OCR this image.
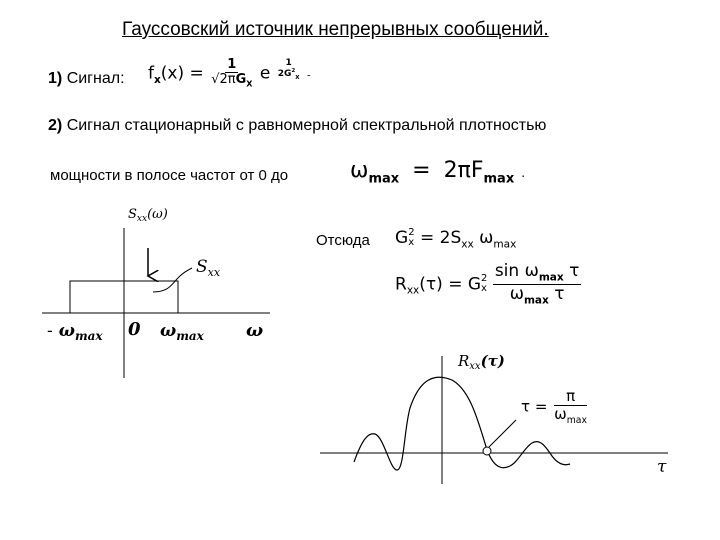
Гауссовский источник непрерывных сообщений.
1) Сигнал:
2) Сигнал стационарный с равномерной спектральной плотностью
мощности в полосе частот от 0 до
Отсюда
$f_x(x) = \frac{1}{√2\pi G_X}$ e
1
$2G^2_X$ -
$\omega_{max} = 2\pi F_{max}$ .
G 2
$x = 2S_{xx}$ $\omega_{max}$
$R_{xx}(\tau) = G$ 2
x
$\frac{\sin \omega_{max} \tau}{\omega_{max} \tau}$
$\tau = \frac{\pi}{\omega_{max}}$
$S_{xx}(\omega)$
$S_{xx}$
- $\omega_{max}$ 0 $\omega_{max}$ ω
$R_{xx}(\tau)$
τ
